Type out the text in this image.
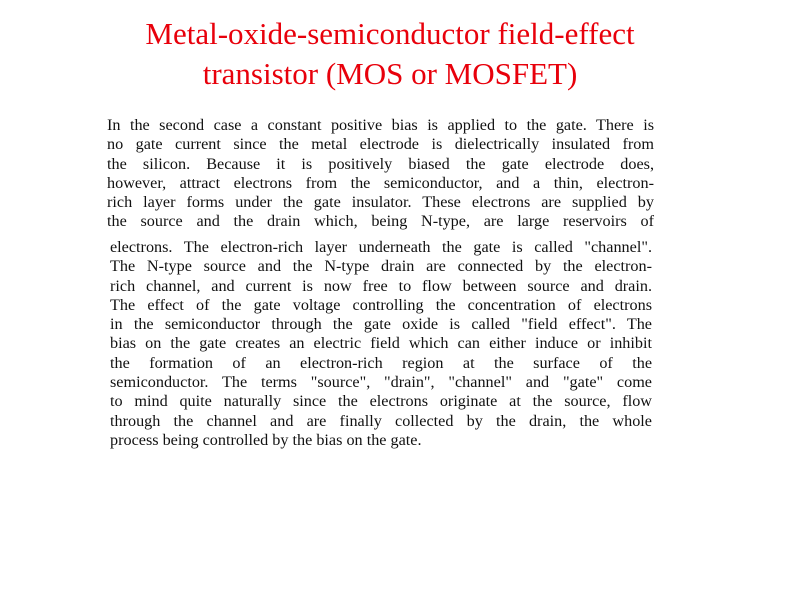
Metal-oxide-semiconductor field-effect
transistor (MOS or MOSFET)
In the second case a constant positive bias is applied to the gate. There is
no gate current since the metal electrode is dielectrically insulated from
the silicon. Because it is positively biased the gate electrode does,
however, attract electrons from the semiconductor, and a thin, electron-
rich layer forms under the gate insulator. These electrons are supplied by
the source and the drain which, being N-type, are large reservoirs of
electrons. The electron-rich layer underneath the gate is called "channel".
The N-type source and the N-type drain are connected by the electron-
rich channel, and current is now free to flow between source and drain.
The effect of the gate voltage controlling the concentration of electrons
in the semiconductor through the gate oxide is called "field effect". The
bias on the gate creates an electric field which can either induce or inhibit
the formation of an electron-rich region at the surface of the
semiconductor. The terms "source", "drain", "channel" and "gate" come
to mind quite naturally since the electrons originate at the source, flow
through the channel and are finally collected by the drain, the whole
process being controlled by the bias on the gate.
